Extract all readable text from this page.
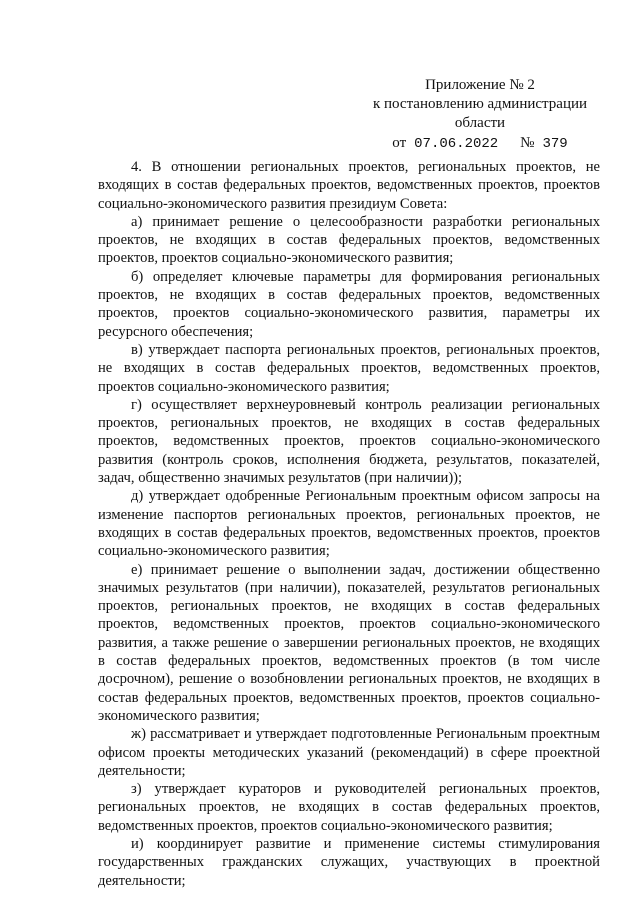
Приложение № 2
к постановлению администрации
области
от 07.06.2022 № 379

4. В отношении региональных проектов, региональных проектов, не входящих в состав федеральных проектов, ведомственных проектов, проектов социально-экономического развития президиум Совета:

а) принимает решение о целесообразности разработки региональных проектов, не входящих в состав федеральных проектов, ведомственных проектов, проектов социально-экономического развития;

б) определяет ключевые параметры для формирования региональных проектов, не входящих в состав федеральных проектов, ведомственных проектов, проектов социально-экономического развития, параметры их ресурсного обеспечения;

в) утверждает паспорта региональных проектов, региональных проектов, не входящих в состав федеральных проектов, ведомственных проектов, проектов социально-экономического развития;

г) осуществляет верхнеуровневый контроль реализации региональных проектов, региональных проектов, не входящих в состав федеральных проектов, ведомственных проектов, проектов социально-экономического развития (контроль сроков, исполнения бюджета, результатов, показателей, задач, общественно значимых результатов (при наличии));

д) утверждает одобренные Региональным проектным офисом запросы на изменение паспортов региональных проектов, региональных проектов, не входящих в состав федеральных проектов, ведомственных проектов, проектов социально-экономического развития;

е) принимает решение о выполнении задач, достижении общественно значимых результатов (при наличии), показателей, результатов региональных проектов, региональных проектов, не входящих в состав федеральных проектов, ведомственных проектов, проектов социально-экономического развития, а также решение о завершении региональных проектов, не входящих в состав федеральных проектов, ведомственных проектов (в том числе досрочном), решение о возобновлении региональных проектов, не входящих в состав федеральных проектов, ведомственных проектов, проектов социально-экономического развития;

ж) рассматривает и утверждает подготовленные Региональным проектным офисом проекты методических указаний (рекомендаций) в сфере проектной деятельности;

з) утверждает кураторов и руководителей региональных проектов, региональных проектов, не входящих в состав федеральных проектов, ведомственных проектов, проектов социально-экономического развития;

и) координирует развитие и применение системы стимулирования государственных гражданских служащих, участвующих в проектной деятельности;
